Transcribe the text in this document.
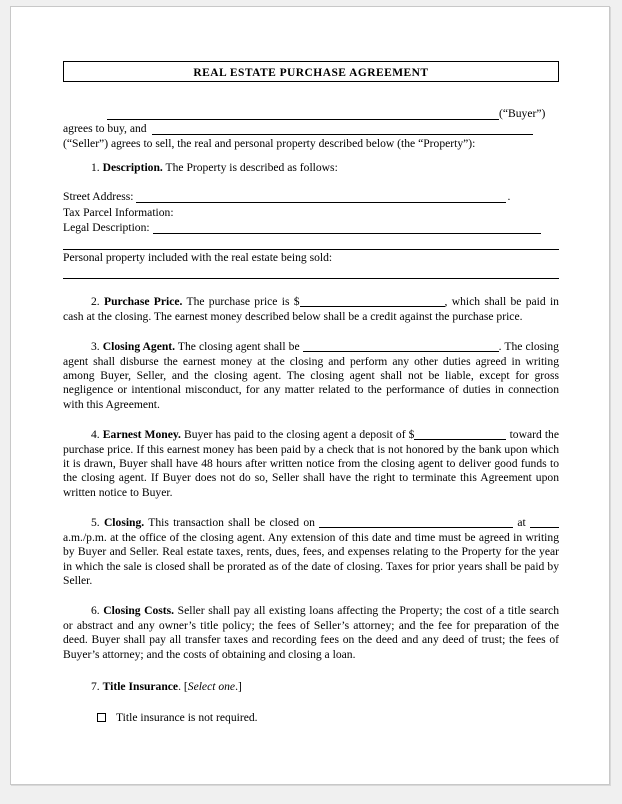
REAL ESTATE PURCHASE AGREEMENT
(“Buyer”)
agrees to buy, and
(“Seller”) agrees to sell, the real and personal property described below (the “Property”):
1. Description. The Property is described as follows:
Street Address:	.
Tax Parcel Information:
Legal Description:
Personal property included with the real estate being sold:
2. Purchase Price. The purchase price is $	, which shall be paid in cash at the closing. The earnest money described below shall be a credit against the purchase price.
3. Closing Agent. The closing agent shall be	. The closing agent shall disburse the earnest money at the closing and perform any other duties agreed in writing among Buyer, Seller, and the closing agent. The closing agent shall not be liable, except for gross negligence or intentional misconduct, for any matter related to the performance of duties in connection with this Agreement.
4. Earnest Money. Buyer has paid to the closing agent a deposit of $	toward the purchase price. If this earnest money has been paid by a check that is not honored by the bank upon which it is drawn, Buyer shall have 48 hours after written notice from the closing agent to deliver good funds to the closing agent. If Buyer does not do so, Seller shall have the right to terminate this Agreement upon written notice to Buyer.
5. Closing. This transaction shall be closed on	at  a.m./p.m. at the office of the closing agent. Any extension of this date and time must be agreed in writing by Buyer and Seller. Real estate taxes, rents, dues, fees, and expenses relating to the Property for the year in which the sale is closed shall be prorated as of the date of closing. Taxes for prior years shall be paid by Seller.
6. Closing Costs. Seller shall pay all existing loans affecting the Property; the cost of a title search or abstract and any owner’s title policy; the fees of Seller’s attorney; and the fee for preparation of the deed. Buyer shall pay all transfer taxes and recording fees on the deed and any deed of trust; the fees of Buyer’s attorney; and the costs of obtaining and closing a loan.
7. Title Insurance. [Select one.]
Title insurance is not required.
